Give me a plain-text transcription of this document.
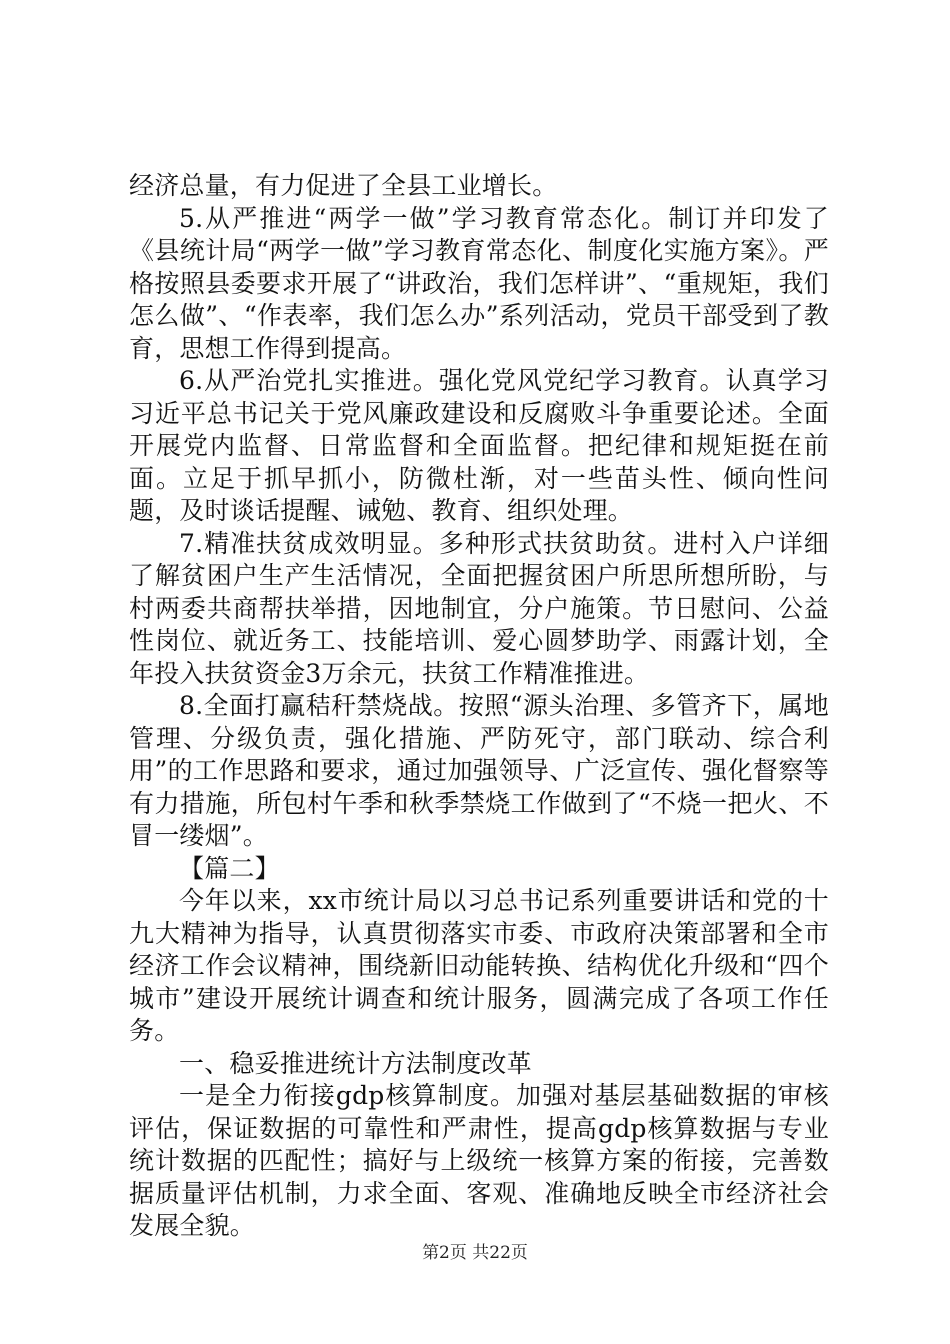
经济总量，有力促进了全县工业增长。

5.从严推进“两学一做”学习教育常态化。制订并印发了《县统计局“两学一做”学习教育常态化、制度化实施方案》。严格按照县委要求开展了“讲政治，我们怎样讲”、“重规矩，我们怎么做”、“作表率，我们怎么办”系列活动，党员干部受到了教育，思想工作得到提高。

6.从严治党扎实推进。强化党风党纪学习教育。认真学习习近平总书记关于党风廉政建设和反腐败斗争重要论述。全面开展党内监督、日常监督和全面监督。把纪律和规矩挺在前面。立足于抓早抓小，防微杜渐，对一些苗头性、倾向性问题，及时谈话提醒、诫勉、教育、组织处理。

7.精准扶贫成效明显。多种形式扶贫助贫。进村入户详细了解贫困户生产生活情况，全面把握贫困户所思所想所盼，与村两委共商帮扶举措，因地制宜，分户施策。节日慰问、公益性岗位、就近务工、技能培训、爱心圆梦助学、雨露计划，全年投入扶贫资金3万余元，扶贫工作精准推进。

8.全面打赢秸秆禁烧战。按照“源头治理、多管齐下，属地管理、分级负责，强化措施、严防死守，部门联动、综合利用”的工作思路和要求，通过加强领导、广泛宣传、强化督察等有力措施，所包村午季和秋季禁烧工作做到了“不烧一把火、不冒一缕烟”。

【篇二】

今年以来，xx市统计局以习总书记系列重要讲话和党的十九大精神为指导，认真贯彻落实市委、市政府决策部署和全市经济工作会议精神，围绕新旧动能转换、结构优化升级和“四个城市”建设开展统计调查和统计服务，圆满完成了各项工作任务。

一、稳妥推进统计方法制度改革

一是全力衔接gdp核算制度。加强对基层基础数据的审核评估，保证数据的可靠性和严肃性，提高gdp核算数据与专业统计数据的匹配性；搞好与上级统一核算方案的衔接，完善数据质量评估机制，力求全面、客观、准确地反映全市经济社会发展全貌。

第2页 共22页
